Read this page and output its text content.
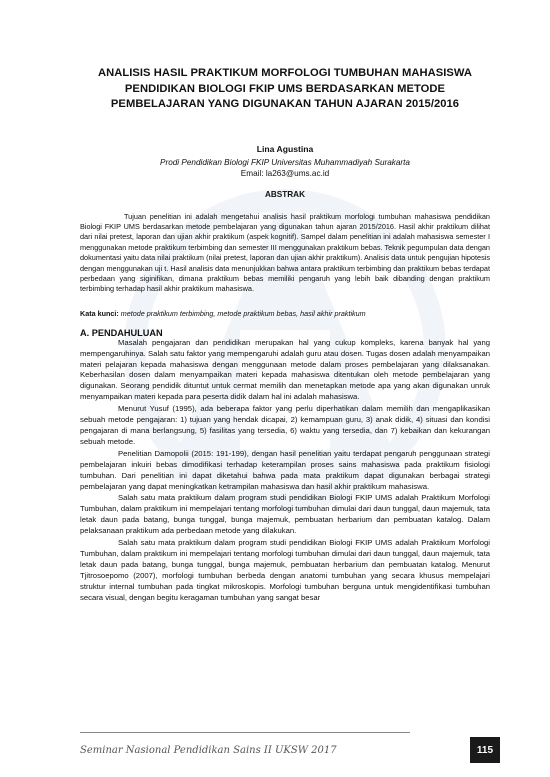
ANALISIS HASIL PRAKTIKUM MORFOLOGI TUMBUHAN MAHASISWA PENDIDIKAN BIOLOGI FKIP UMS BERDASARKAN METODE PEMBELAJARAN YANG DIGUNAKAN TAHUN AJARAN 2015/2016
Lina Agustina
Prodi Pendidikan Biologi FKIP Universitas Muhammadiyah Surakarta
Email: la263@ums.ac.id
ABSTRAK

Tujuan penelitian ini adalah mengetahui analisis hasil praktikum morfologi tumbuhan mahasiswa pendidikan Biologi FKIP UMS berdasarkan metode pembelajaran yang digunakan tahun ajaran 2015/2016. Hasil akhir praktikum dilihat dari nilai pretest, laporan dan ujian akhir praktikum (aspek kognitif). Sampel dalam penelitian ini adalah mahasiswa semester I menggunakan metode praktikum terbimbing dan semester III menggunakan praktikum bebas. Teknik pegumpulan data dengan dokumentasi yaitu data nilai praktikum (nilai pretest, laporan dan ujian akhir praktikum). Analisis data untuk pengujian hipotesis dengan menggunakan uji t. Hasil analisis data menunjukkan bahwa antara praktikum terbimbing dan praktikum bebas terdapat perbedaan yang siginifikan, dimana praktikum bebas memiliki pengaruh yang lebih baik dibanding dengan praktikum terbimbing terhadap hasil akhir praktikum mahasiswa.

Kata kunci: metode praktikum terbimbing, metode praktikum bebas, hasil akhir praktikum
A. PENDAHULUAN

Masalah pengajaran dan pendidikan merupakan hal yang cukup kompleks, karena banyak hal yang mempengaruhinya. Salah satu faktor yang mempengaruhi adalah guru atau dosen. Tugas dosen adalah menyampaikan materi pelajaran kepada mahasiswa dengan menggunaan metode dalam proses pembelajaran yang dilaksanakan. Keberhasilan dosen dalam menyampaikan materi kepada mahasiswa ditentukan oleh metode pembelajaran yang digunakan. Seorang pendidik dituntut untuk cermat memilih dan menetapkan metode apa yang akan digunakan unruk menyampaikan materi kepada para peserta didik dalam hal ini adalah mahasiswa.

Menurut Yusuf (1995), ada beberapa faktor yang perlu diperhatikan dalam memilih dan mengaplikasikan sebuah metode pengajaran: 1) tujuan yang hendak dicapai, 2) kemampuan guru, 3) anak didik, 4) situasi dan kondisi pengajaran di mana berlangsung, 5) fasilitas yang tersedia, 6) waktu yang tersedia, dan 7) kebaikan dan kekurangan sebuah metode.

Penelitian Damopolii (2015: 191-199), dengan hasil penelitian yaitu terdapat pengaruh penggunaan strategi pembelajaran inkuiri bebas dimodifikasi terhadap keterampilan proses sains mahasiswa pada praktikum fisiologi tumbuhan. Dari penelitian ini dapat diketahui bahwa pada mata praktikum dapat digunakan berbagai strategi pembelajaran yang dapat meningkatkan ketrampilan mahasiswa dan hasil akhir praktikum mahasiswa.

Salah satu mata praktikum dalam program studi pendidikan Biologi FKIP UMS adalah Praktikum Morfologi Tumbuhan, dalam praktikum ini mempelajari tentang morfologi tumbuhan dimulai dari daun tunggal, daun majemuk, tata letak daun pada batang, bunga tunggal, bunga majemuk, pembuatan herbarium dan pembuatan katalog. Dalam pelaksanaan praktikum ada perbedaan metode yang dilakukan.

Salah satu mata praktikum dalam program studi pendidikan Biologi FKIP UMS adalah Praktikum Morfologi Tumbuhan, dalam praktikum ini mempelajari tentang morfologi tumbuhan dimulai dari daun tunggal, daun majemuk, tata letak daun pada batang, bunga tunggal, bunga majemuk, pembuatan herbarium dan pembuatan katalog. Menurut Tjitrosoepomo (2007), morfologi tumbuhan berbeda dengan anatomi tumbuhan yang secara khusus mempelajari struktur internal tumbuhan pada tingkat mikroskopis. Morfologi tumbuhan berguna untuk mengidentifikasi tumbuhan secara visual, dengan begitu keragaman tumbuhan yang sangat besar

Seminar Nasional Pendidikan Sains II UKSW 2017	115
